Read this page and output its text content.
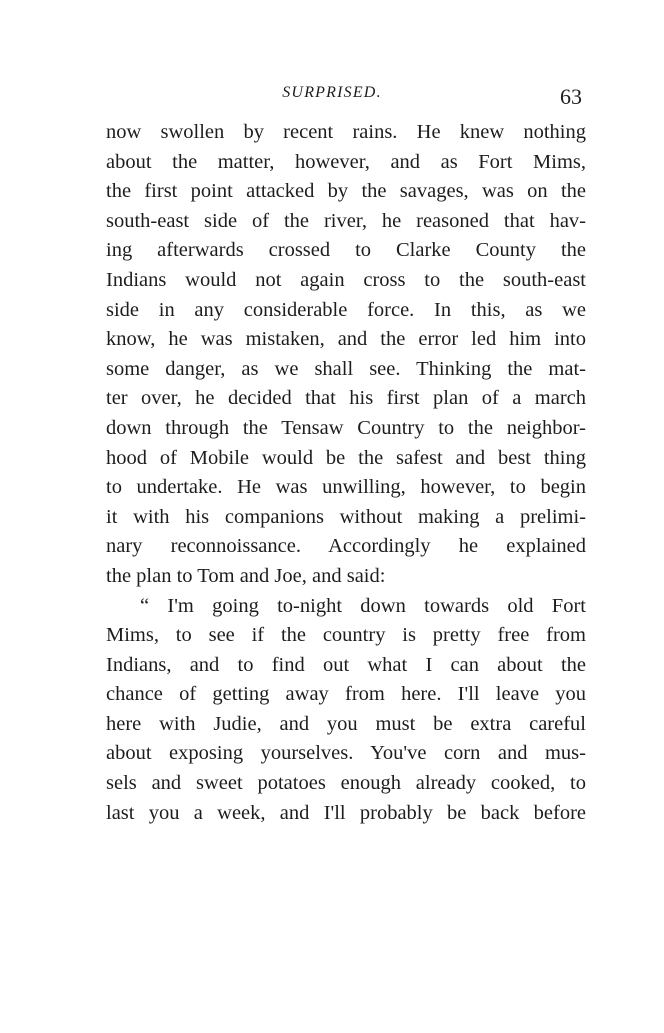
SURPRISED.	63
now swollen by recent rains. He knew nothing
about the matter, however, and as Fort Mims,
the first point attacked by the savages, was on the
south-east side of the river, he reasoned that hav-
ing afterwards crossed to Clarke County the
Indians would not again cross to the south-east
side in any considerable force. In this, as we
know, he was mistaken, and the error led him into
some danger, as we shall see. Thinking the mat-
ter over, he decided that his first plan of a march
down through the Tensaw Country to the neighbor-
hood of Mobile would be the safest and best thing
to undertake. He was unwilling, however, to begin
it with his companions without making a prelimi-
nary reconnoissance. Accordingly he explained
the plan to Tom and Joe, and said:
“ I'm going to-night down towards old Fort
Mims, to see if the country is pretty free from
Indians, and to find out what I can about the
chance of getting away from here. I'll leave you
here with Judie, and you must be extra careful
about exposing yourselves. You've corn and mus-
sels and sweet potatoes enough already cooked, to
last you a week, and I'll probably be back before
